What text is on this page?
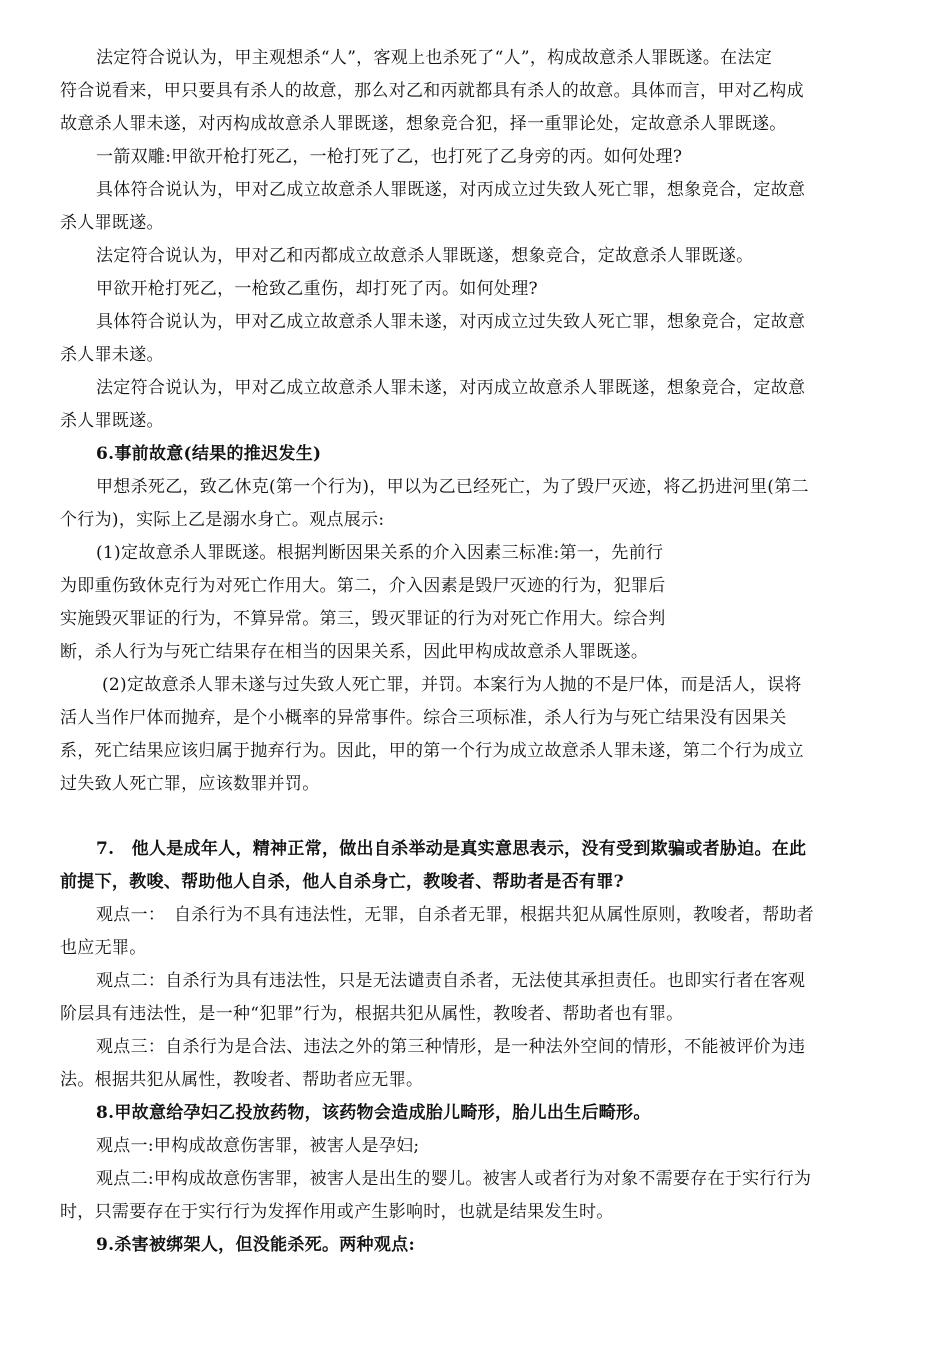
法定符合说认为，甲主观想杀“人”，客观上也杀死了“人”，构成故意杀人罪既遂。在法定
符合说看来，甲只要具有杀人的故意，那么对乙和丙就都具有杀人的故意。具体而言，甲对乙构成
故意杀人罪未遂，对丙构成故意杀人罪既遂，想象竞合犯，择一重罪论处，定故意杀人罪既遂。
一箭双雕:甲欲开枪打死乙，一枪打死了乙，也打死了乙身旁的丙。如何处理?
具体符合说认为，甲对乙成立故意杀人罪既遂，对丙成立过失致人死亡罪，想象竞合，定故意
杀人罪既遂。
法定符合说认为，甲对乙和丙都成立故意杀人罪既遂，想象竞合，定故意杀人罪既遂。
甲欲开枪打死乙，一枪致乙重伤，却打死了丙。如何处理?
具体符合说认为，甲对乙成立故意杀人罪未遂，对丙成立过失致人死亡罪，想象竞合，定故意
杀人罪未遂。
法定符合说认为，甲对乙成立故意杀人罪未遂，对丙成立故意杀人罪既遂，想象竞合，定故意
杀人罪既遂。
6.事前故意(结果的推迟发生)
甲想杀死乙，致乙休克(第一个行为)，甲以为乙已经死亡，为了毁尸灭迹，将乙扔进河里(第二
个行为)，实际上乙是溺水身亡。观点展示:
(1)定故意杀人罪既遂。根据判断因果关系的介入因素三标准:第一，先前行
为即重伤致休克行为对死亡作用大。第二，介入因素是毁尸灭迹的行为，犯罪后
实施毁灭罪证的行为，不算异常。第三，毁灭罪证的行为对死亡作用大。综合判
断，杀人行为与死亡结果存在相当的因果关系，因此甲构成故意杀人罪既遂。
(2)定故意杀人罪未遂与过失致人死亡罪，并罚。本案行为人抛的不是尸体，而是活人，误将
活人当作尸体而抛弃，是个小概率的异常事件。综合三项标准，杀人行为与死亡结果没有因果关
系，死亡结果应该归属于抛弃行为。因此，甲的第一个行为成立故意杀人罪未遂，第二个行为成立
过失致人死亡罪，应该数罪并罚。
7.　他人是成年人，精神正常，做出自杀举动是真实意思表示，没有受到欺骗或者胁迫。在此
前提下，教唆、帮助他人自杀，他人自杀身亡，教唆者、帮助者是否有罪?
观点一：　自杀行为不具有违法性，无罪，自杀者无罪，根据共犯从属性原则，教唆者，帮助者
也应无罪。
观点二：自杀行为具有违法性，只是无法谴责自杀者，无法使其承担责任。也即实行者在客观
阶层具有违法性，是一种“犯罪”行为，根据共犯从属性，教唆者、帮助者也有罪。
观点三：自杀行为是合法、违法之外的第三种情形，是一种法外空间的情形，不能被评价为违
法。根据共犯从属性，教唆者、帮助者应无罪。
8.甲故意给孕妇乙投放药物，该药物会造成胎儿畸形，胎儿出生后畸形。
观点一:甲构成故意伤害罪，被害人是孕妇;
观点二:甲构成故意伤害罪，被害人是出生的婴儿。被害人或者行为对象不需要存在于实行行为
时，只需要存在于实行行为发挥作用或产生影响时，也就是结果发生时。
9.杀害被绑架人，但没能杀死。两种观点:
